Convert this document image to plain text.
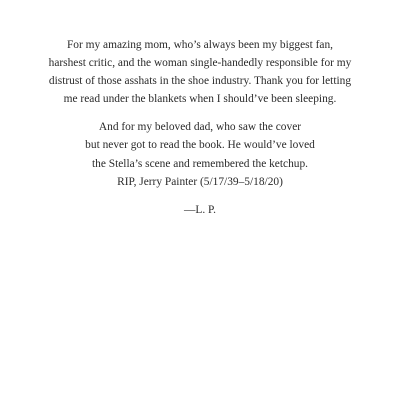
For my amazing mom, who’s always been my biggest fan,
harshest critic, and the woman single-handedly responsible for my
distrust of those asshats in the shoe industry. Thank you for letting
me read under the blankets when I should’ve been sleeping.

And for my beloved dad, who saw the cover
but never got to read the book. He would’ve loved
the Stella’s scene and remembered the ketchup.
RIP, Jerry Painter (5/17/39–5/18/20)

—L. P.
